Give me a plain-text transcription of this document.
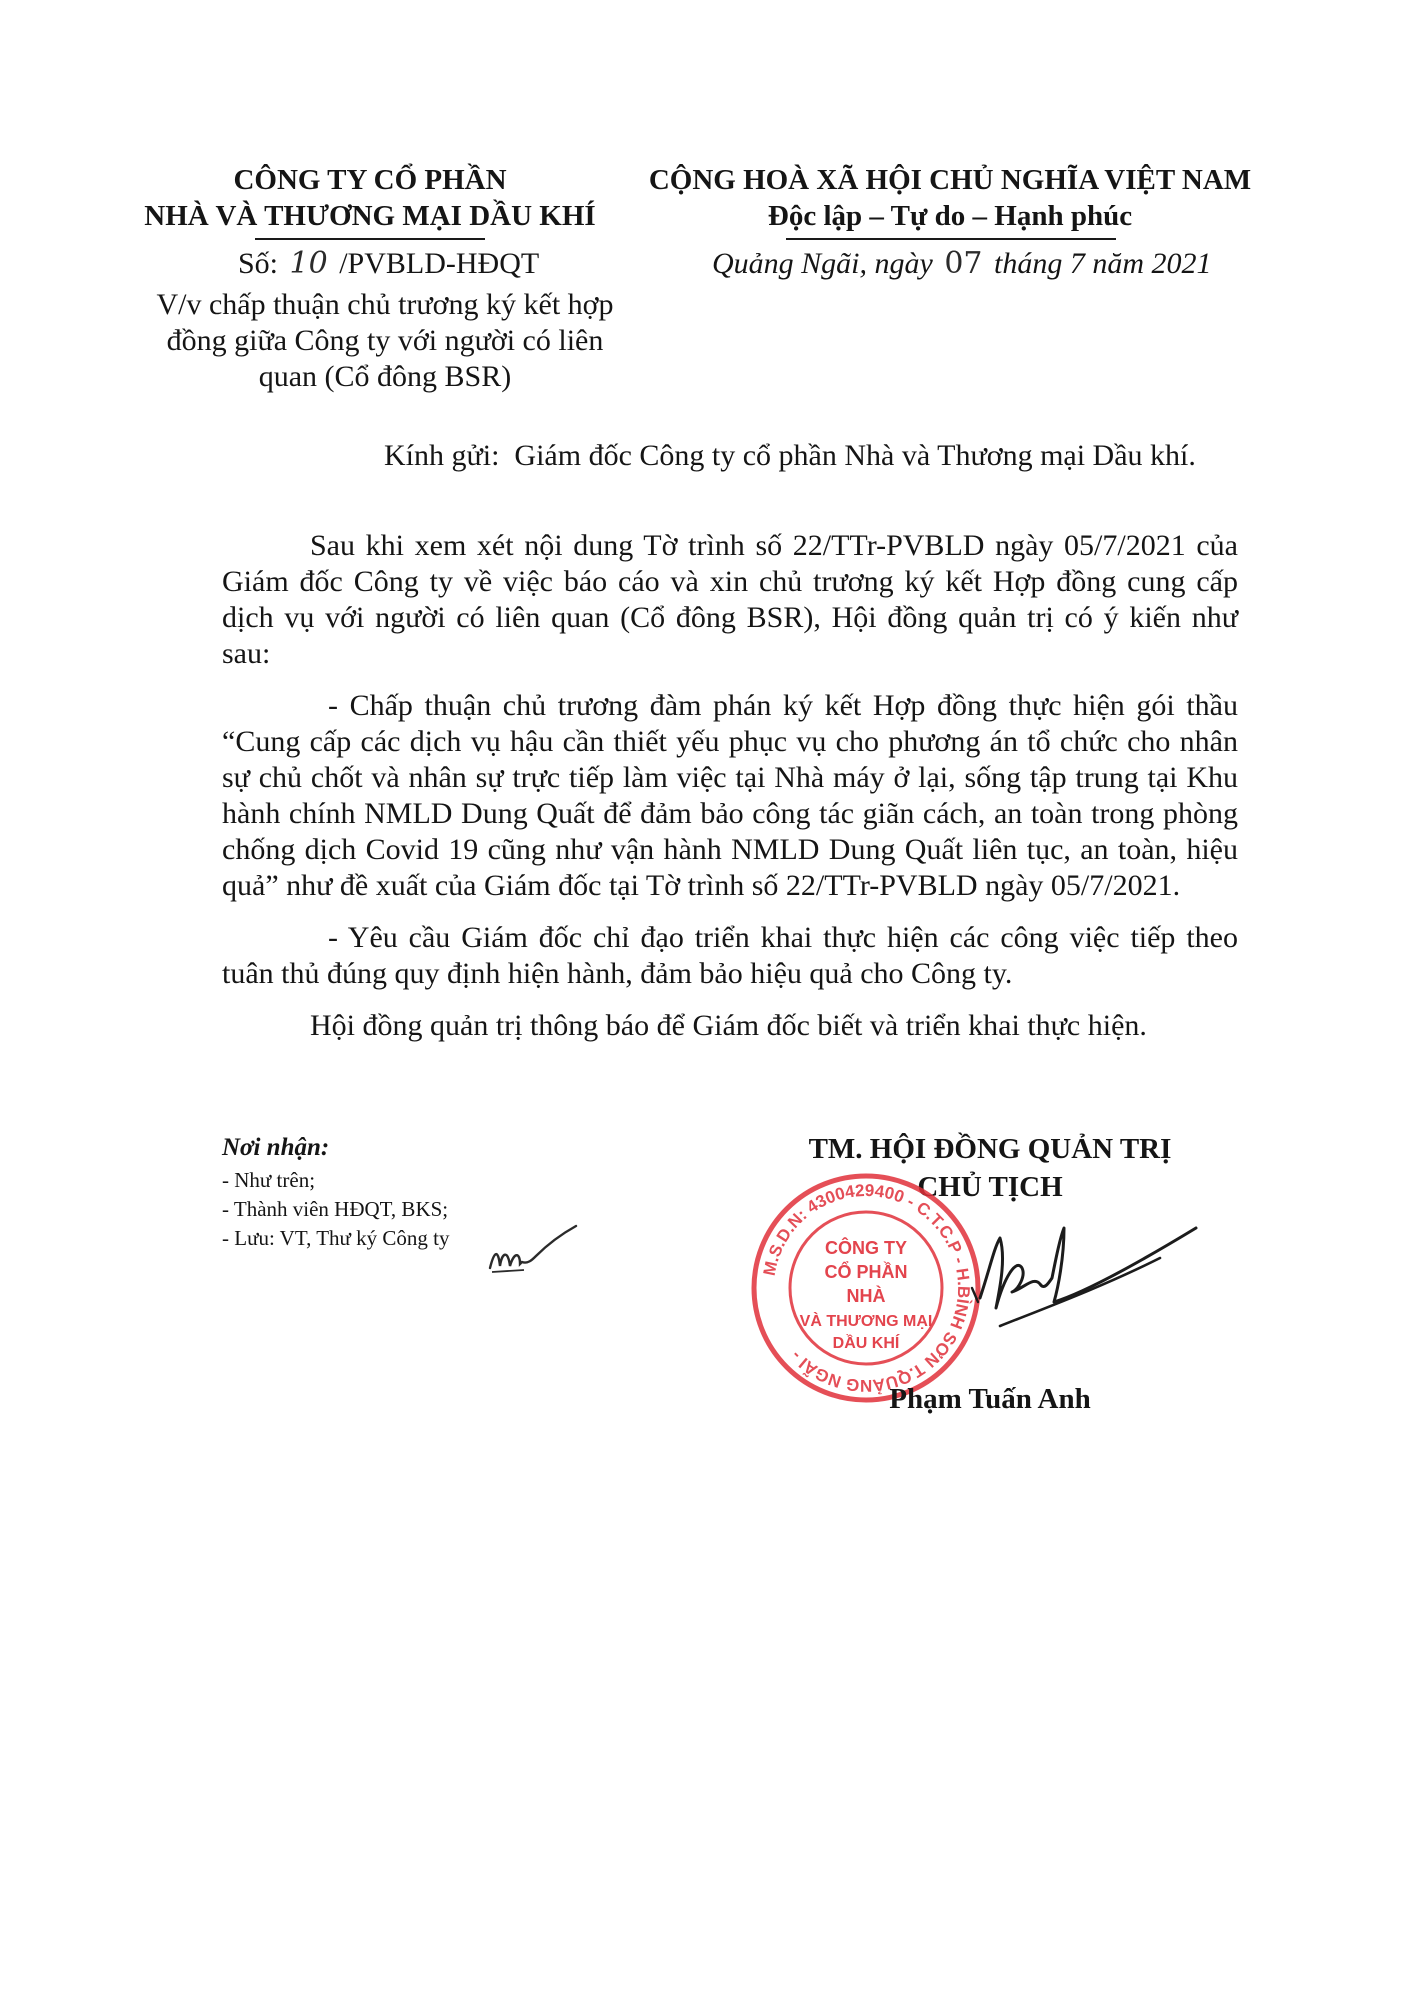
CÔNG TY CỔ PHẦN
NHÀ VÀ THƯƠNG MẠI DẦU KHÍ
CỘNG HOÀ XÃ HỘI CHỦ NGHĨA VIỆT NAM
Độc lập – Tự do – Hạnh phúc
Số: 10 /PVBLD-HĐQT	Quảng Ngãi, ngày 07 tháng 7 năm 2021
V/v chấp thuận chủ trương ký kết hợp
đồng giữa Công ty với người có liên
quan (Cổ đông BSR)
Kính gửi:  Giám đốc Công ty cổ phần Nhà và Thương mại Dầu khí.

Sau khi xem xét nội dung Tờ trình số 22/TTr-PVBLD ngày 05/7/2021 của Giám đốc Công ty về việc báo cáo và xin chủ trương ký kết Hợp đồng cung cấp dịch vụ với người có liên quan (Cổ đông BSR), Hội đồng quản trị có ý kiến như sau:

- Chấp thuận chủ trương đàm phán ký kết Hợp đồng thực hiện gói thầu “Cung cấp các dịch vụ hậu cần thiết yếu phục vụ cho phương án tổ chức cho nhân sự chủ chốt và nhân sự trực tiếp làm việc tại Nhà máy ở lại, sống tập trung tại Khu hành chính NMLD Dung Quất để đảm bảo công tác giãn cách, an toàn trong phòng chống dịch Covid 19 cũng như vận hành NMLD Dung Quất liên tục, an toàn, hiệu quả” như đề xuất của Giám đốc tại Tờ trình số 22/TTr-PVBLD ngày 05/7/2021.

- Yêu cầu Giám đốc chỉ đạo triển khai thực hiện các công việc tiếp theo tuân thủ đúng quy định hiện hành, đảm bảo hiệu quả cho Công ty.

Hội đồng quản trị thông báo để Giám đốc biết và triển khai thực hiện.

Nơi nhận:
- Như trên;
- Thành viên HĐQT, BKS;
- Lưu: VT, Thư ký Công ty
TM. HỘI ĐỒNG QUẢN TRỊ
CHỦ TỊCH
M.S.D.N: 4300429400 - C.T.C.P - H.BÌNH SƠN T.QUẢNG NGÃI -
CÔNG TY
CỔ PHẦN
NHÀ
VÀ THƯƠNG MẠI
DẦU KHÍ
Phạm Tuấn Anh
